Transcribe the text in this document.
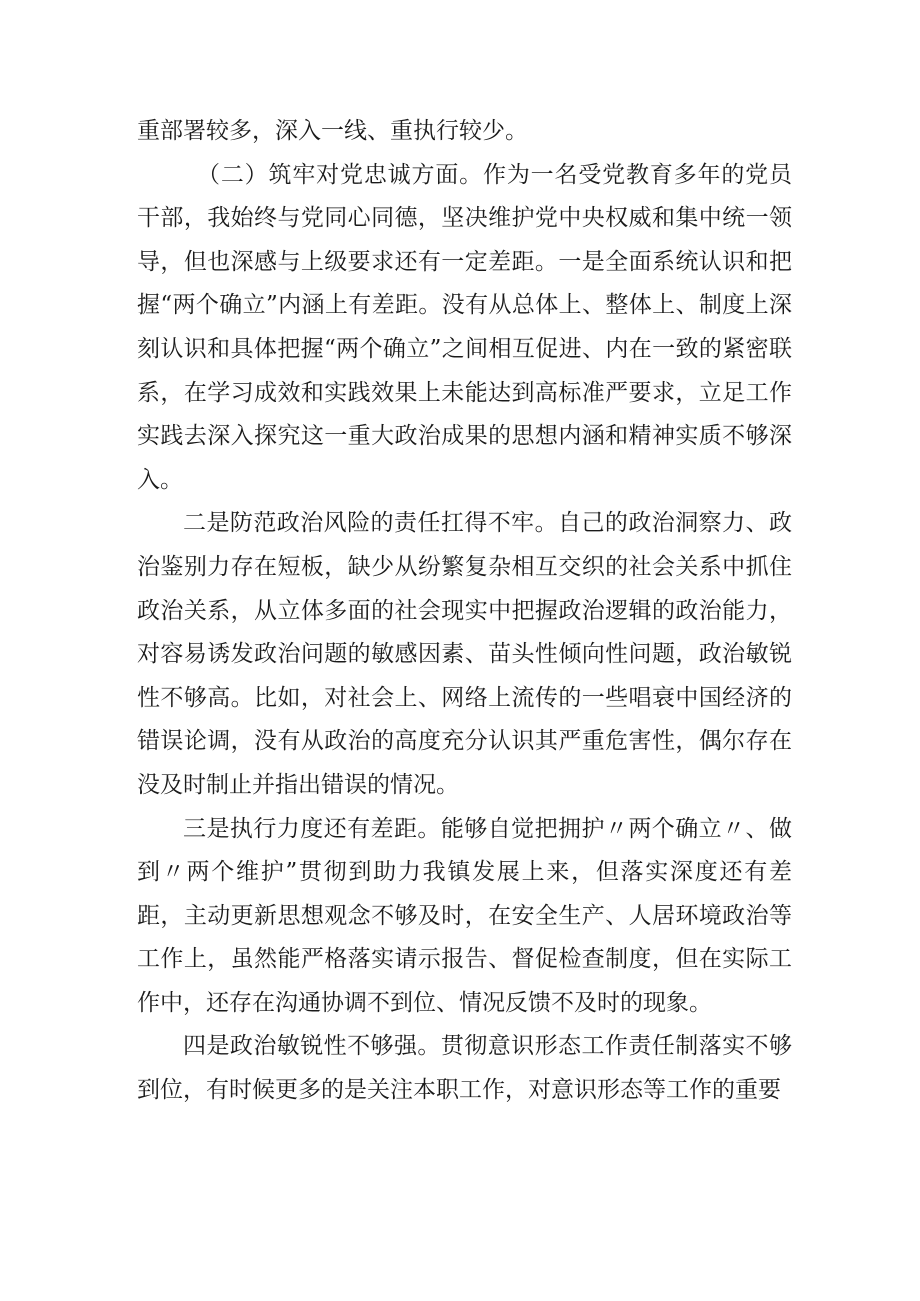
重部署较多，深入一线、重执行较少。

（二）筑牢对党忠诚方面。作为一名受党教育多年的党员干部，我始终与党同心同德，坚决维护党中央权威和集中统一领导，但也深感与上级要求还有一定差距。一是全面系统认识和把握“两个确立”内涵上有差距。没有从总体上、整体上、制度上深刻认识和具体把握“两个确立”之间相互促进、内在一致的紧密联系，在学习成效和实践效果上未能达到高标准严要求，立足工作实践去深入探究这一重大政治成果的思想内涵和精神实质不够深入。

二是防范政治风险的责任扛得不牢。自己的政治洞察力、政治鉴别力存在短板，缺少从纷繁复杂相互交织的社会关系中抓住政治关系，从立体多面的社会现实中把握政治逻辑的政治能力，对容易诱发政治问题的敏感因素、苗头性倾向性问题，政治敏锐性不够高。比如，对社会上、网络上流传的一些唱衰中国经济的错误论调，没有从政治的高度充分认识其严重危害性，偶尔存在没及时制止并指出错误的情况。

三是执行力度还有差距。能够自觉把拥护〃两个确立〃、做到〃两个维护”贯彻到助力我镇发展上来，但落实深度还有差距，主动更新思想观念不够及时，在安全生产、人居环境政治等工作上，虽然能严格落实请示报告、督促检查制度，但在实际工作中，还存在沟通协调不到位、情况反馈不及时的现象。

四是政治敏锐性不够强。贯彻意识形态工作责任制落实不够到位，有时候更多的是关注本职工作，对意识形态等工作的重要
